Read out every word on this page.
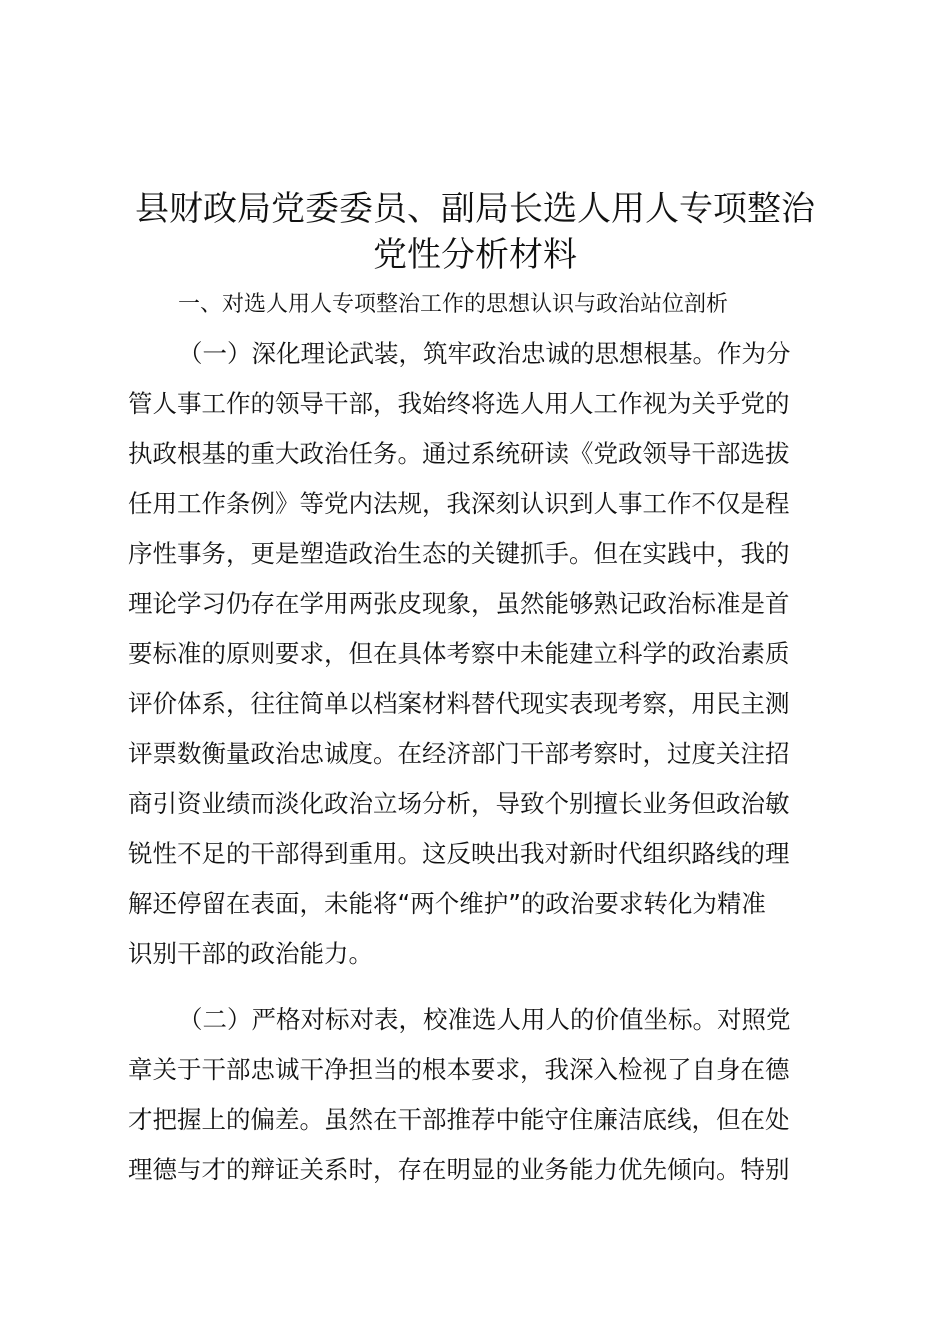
县财政局党委委员、副局长选人用人专项整治
党性分析材料
一、对选人用人专项整治工作的思想认识与政治站位剖析
（一）深化理论武装，筑牢政治忠诚的思想根基。作为分
管人事工作的领导干部，我始终将选人用人工作视为关乎党的
执政根基的重大政治任务。通过系统研读《党政领导干部选拔
任用工作条例》等党内法规，我深刻认识到人事工作不仅是程
序性事务，更是塑造政治生态的关键抓手。但在实践中，我的
理论学习仍存在学用两张皮现象，虽然能够熟记政治标准是首
要标准的原则要求，但在具体考察中未能建立科学的政治素质
评价体系，往往简单以档案材料替代现实表现考察，用民主测
评票数衡量政治忠诚度。在经济部门干部考察时，过度关注招
商引资业绩而淡化政治立场分析，导致个别擅长业务但政治敏
锐性不足的干部得到重用。这反映出我对新时代组织路线的理
解还停留在表面，未能将“两个维护”的政治要求转化为精准
识别干部的政治能力。
（二）严格对标对表，校准选人用人的价值坐标。对照党
章关于干部忠诚干净担当的根本要求，我深入检视了自身在德
才把握上的偏差。虽然在干部推荐中能守住廉洁底线，但在处
理德与才的辩证关系时，存在明显的业务能力优先倾向。特别
